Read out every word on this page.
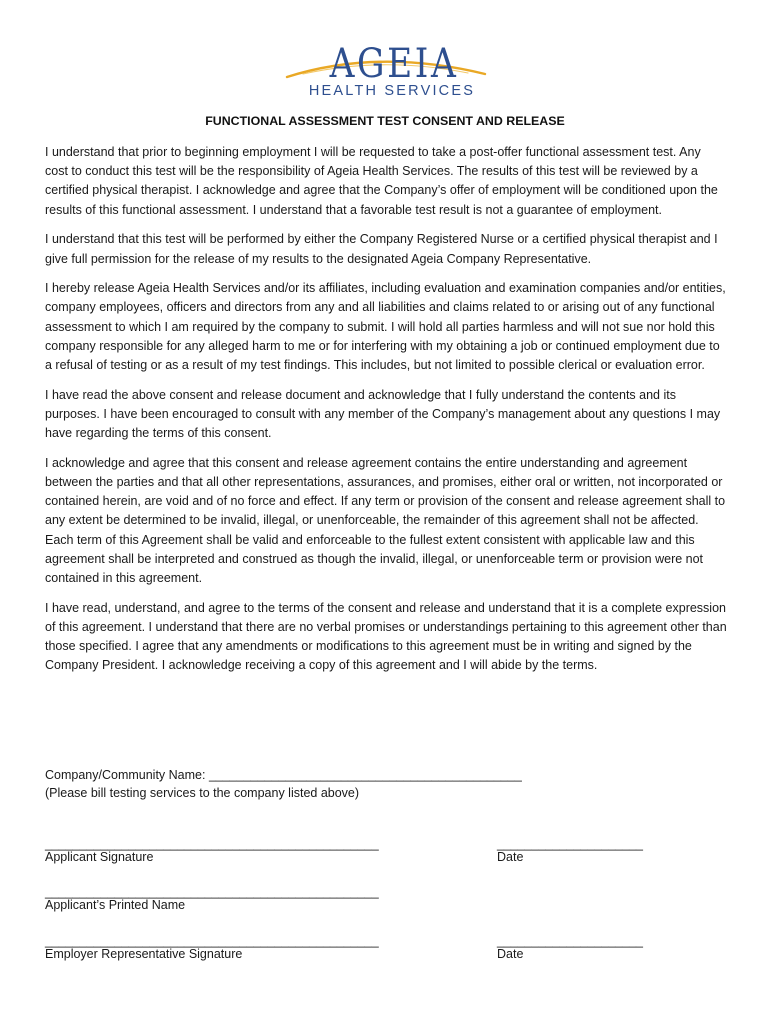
AGEIA
HEALTH SERVICES
FUNCTIONAL ASSESSMENT TEST CONSENT AND RELEASE

I understand that prior to beginning employment I will be requested to take a post-offer functional assessment test. Any cost to conduct this test will be the responsibility of Ageia Health Services. The results of this test will be reviewed by a certified physical therapist. I acknowledge and agree that the Company’s offer of employment will be conditioned upon the results of this functional assessment. I understand that a favorable test result is not a guarantee of employment.

I understand that this test will be performed by either the Company Registered Nurse or a certified physical therapist and I give full permission for the release of my results to the designated Ageia Company Representative.

I hereby release Ageia Health Services and/or its affiliates, including evaluation and examination companies and/or entities, company employees, officers and directors from any and all liabilities and claims related to or arising out of any functional assessment to which I am required by the company to submit. I will hold all parties harmless and will not sue nor hold this company responsible for any alleged harm to me or for interfering with my obtaining a job or continued employment due to a refusal of testing or as a result of my test findings. This includes, but not limited to possible clerical or evaluation error.

I have read the above consent and release document and acknowledge that I fully understand the contents and its purposes. I have been encouraged to consult with any member of the Company’s management about any questions I may have regarding the terms of this consent.

I acknowledge and agree that this consent and release agreement contains the entire understanding and agreement between the parties and that all other representations, assurances, and promises, either oral or written, not incorporated or contained herein, are void and of no force and effect. If any term or provision of the consent and release agreement shall to any extent be determined to be invalid, illegal, or unenforceable, the remainder of this agreement shall not be affected. Each term of this Agreement shall be valid and enforceable to the fullest extent consistent with applicable law and this agreement shall be interpreted and construed as though the invalid, illegal, or unenforceable term or provision were not contained in this agreement.

I have read, understand, and agree to the terms of the consent and release and understand that it is a complete expression of this agreement. I understand that there are no verbal promises or understandings pertaining to this agreement other than those specified. I agree that any amendments or modifications to this agreement must be in writing and signed by the Company President. I acknowledge receiving a copy of this agreement and I will abide by the terms.

Company/Community Name: _____________________________________________
(Please bill testing services to the company listed above)
________________________________________________	_____________________
Applicant Signature	Date
________________________________________________
Applicant’s Printed Name
________________________________________________	_____________________
Employer Representative Signature	Date
